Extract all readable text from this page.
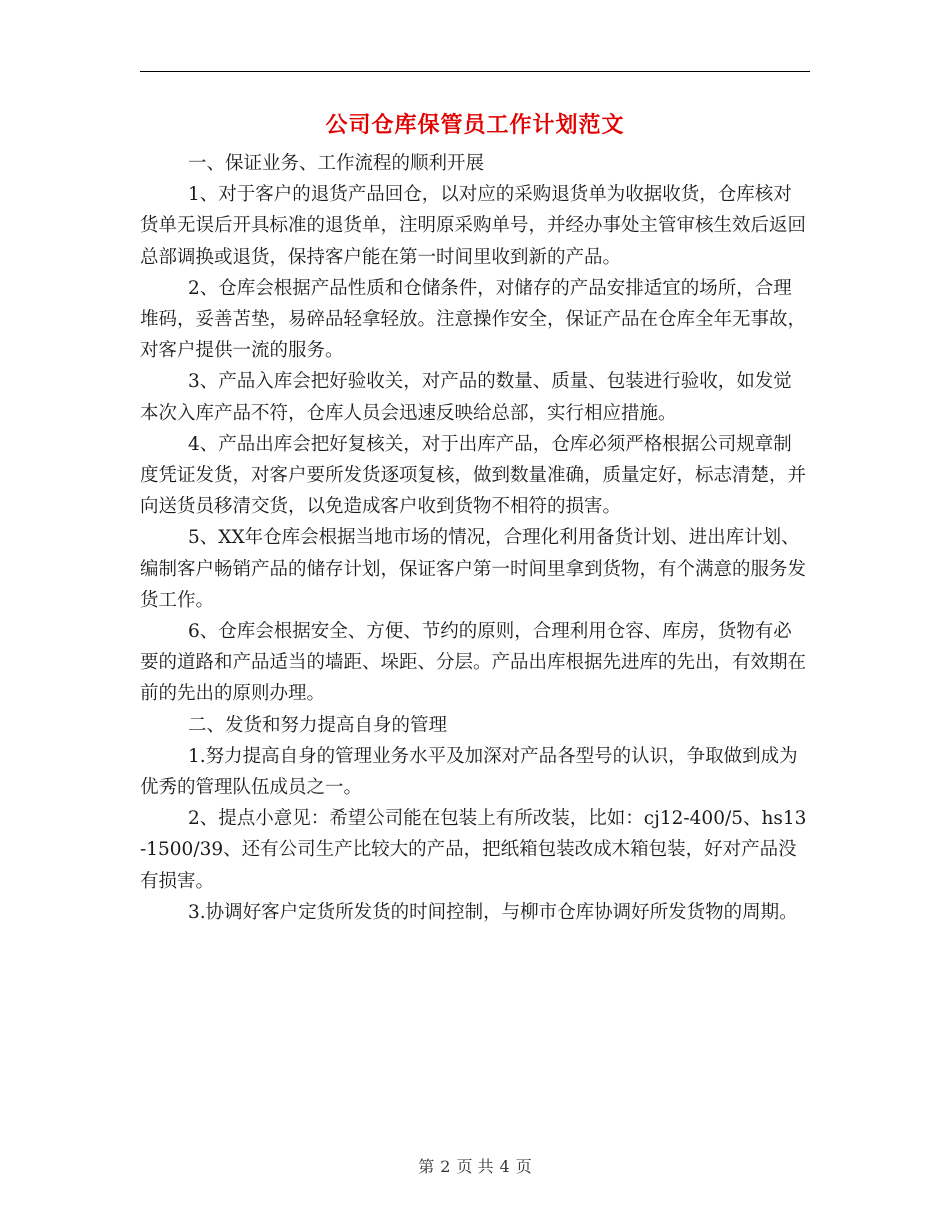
公司仓库保管员工作计划范文

一、保证业务、工作流程的顺利开展

1、对于客户的退货产品回仓，以对应的采购退货单为收据收货，仓库核对货单无误后开具标准的退货单，注明原采购单号，并经办事处主管审核生效后返回总部调换或退货，保持客户能在第一时间里收到新的产品。

2、仓库会根据产品性质和仓储条件，对储存的产品安排适宜的场所，合理堆码，妥善苫垫，易碎品轻拿轻放。注意操作安全，保证产品在仓库全年无事故，对客户提供一流的服务。

3、产品入库会把好验收关，对产品的数量、质量、包装进行验收，如发觉本次入库产品不符，仓库人员会迅速反映给总部，实行相应措施。

4、产品出库会把好复核关，对于出库产品，仓库必须严格根据公司规章制度凭证发货，对客户要所发货逐项复核，做到数量准确，质量定好，标志清楚，并向送货员移清交货，以免造成客户收到货物不相符的损害。

5、XX年仓库会根据当地市场的情况，合理化利用备货计划、进出库计划、编制客户畅销产品的储存计划，保证客户第一时间里拿到货物，有个满意的服务发货工作。

6、仓库会根据安全、方便、节约的原则，合理利用仓容、库房，货物有必要的道路和产品适当的墙距、垛距、分层。产品出库根据先进库的先出，有效期在前的先出的原则办理。

二、发货和努力提高自身的管理

1.努力提高自身的管理业务水平及加深对产品各型号的认识，争取做到成为优秀的管理队伍成员之一。

2、提点小意见：希望公司能在包装上有所改装，比如：cj12-400/5、hs13-1500/39、还有公司生产比较大的产品，把纸箱包装改成木箱包装，好对产品没有损害。

3.协调好客户定货所发货的时间控制，与柳市仓库协调好所发货物的周期。

第 2 页 共 4 页
